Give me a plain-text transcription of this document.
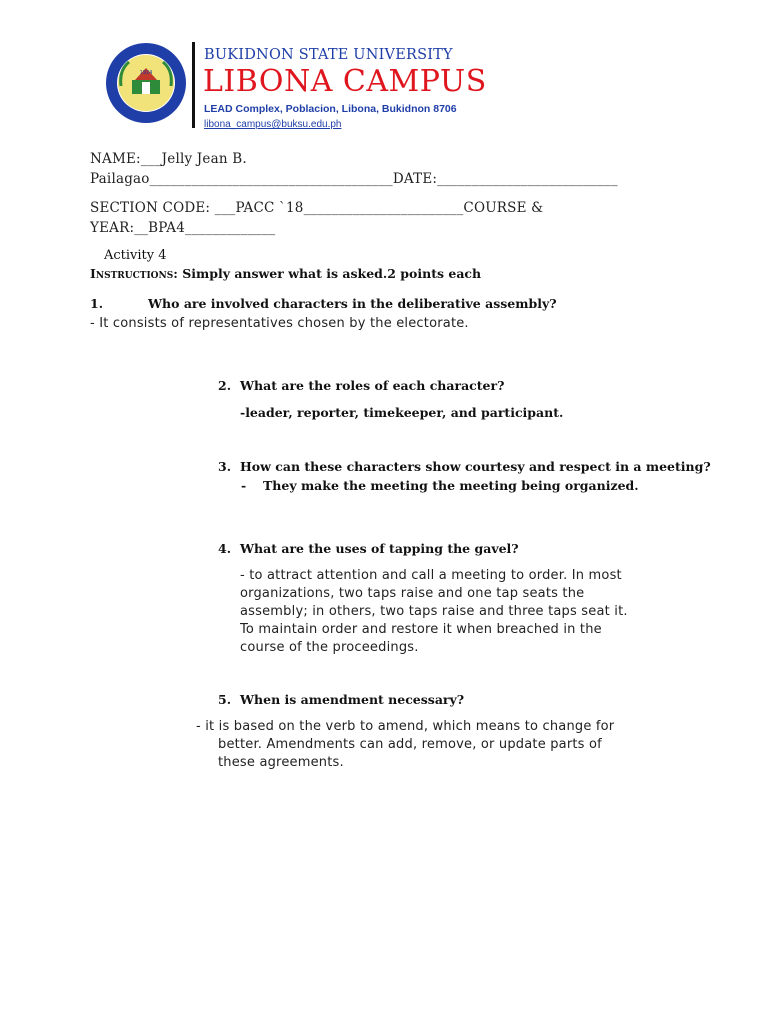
1924
BUKIDNON STATE UNIVERSITY
LIBONA CAMPUS
LEAD Complex, Poblacion, Libona, Bukidnon 8706
libona_campus@buksu.edu.ph
NAME:___Jelly Jean B.
Pailagao___________________________________DATE:__________________________
SECTION CODE: ___PACC `18_______________________COURSE &
YEAR:__BPA4_____________
Activity 4
Instructions: Simply answer what is asked.2 points each
1.	Who are involved characters in the deliberative assembly?
- It consists of representatives chosen by the electorate.
2. What are the roles of each character?
-leader, reporter, timekeeper, and participant.
3. How can these characters show courtesy and respect in a meeting?
- They make the meeting the meeting being organized.
4. What are the uses of tapping the gavel?
- to attract attention and call a meeting to order. In most
organizations, two taps raise and one tap seats the
assembly; in others, two taps raise and three taps seat it.
To maintain order and restore it when breached in the
course of the proceedings.
5. When is amendment necessary?
- it is based on the verb to amend, which means to change for
better. Amendments can add, remove, or update parts of
these agreements.
